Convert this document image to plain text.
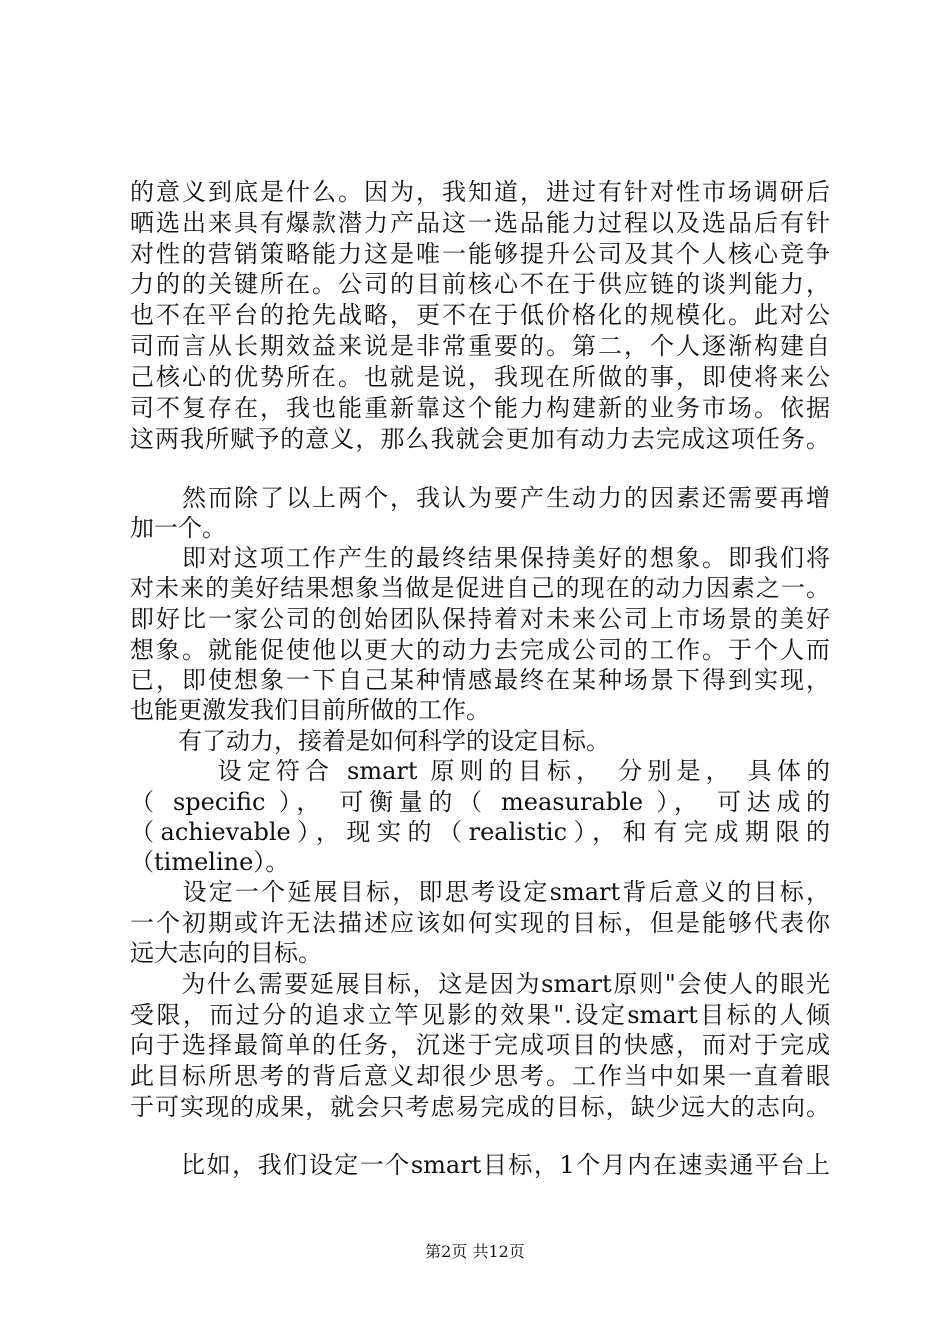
的意义到底是什么。因为，我知道，进过有针对性市场调研后
晒选出来具有爆款潜力产品这一选品能力过程以及选品后有针
对性的营销策略能力这是唯一能够提升公司及其个人核心竞争
力的的关键所在。公司的目前核心不在于供应链的谈判能力，
也不在平台的抢先战略，更不在于低价格化的规模化。此对公
司而言从长期效益来说是非常重要的。第二，个人逐渐构建自
己核心的优势所在。也就是说，我现在所做的事，即使将来公
司不复存在，我也能重新靠这个能力构建新的业务市场。依据
这两我所赋予的意义，那么我就会更加有动力去完成这项任务。
　　然而除了以上两个，我认为要产生动力的因素还需要再增
加一个。
　　即对这项工作产生的最终结果保持美好的想象。即我们将
对未来的美好结果想象当做是促进自己的现在的动力因素之一。
即好比一家公司的创始团队保持着对未来公司上市场景的美好
想象。就能促使他以更大的动力去完成公司的工作。于个人而
已，即使想象一下自己某种情感最终在某种场景下得到实现，
也能更激发我们目前所做的工作。
　　有了动力，接着是如何科学的设定目标。
　　　设定符合 smart 原则的目标， 分别是， 具体的
（ specific ）， 可衡量的（ measurable ）， 可达成的
（achievable），现实的（realistic），和有完成期限的
（timeline）。
　　设定一个延展目标，即思考设定smart背后意义的目标，
一个初期或许无法描述应该如何实现的目标，但是能够代表你
远大志向的目标。
　　为什么需要延展目标，这是因为smart原则"会使人的眼光
受限，而过分的追求立竿见影的效果".设定smart目标的人倾
向于选择最简单的任务，沉迷于完成项目的快感，而对于完成
此目标所思考的背后意义却很少思考。工作当中如果一直着眼
于可实现的成果，就会只考虑易完成的目标，缺少远大的志向。
　　比如，我们设定一个smart目标，1个月内在速卖通平台上
第2页 共12页
